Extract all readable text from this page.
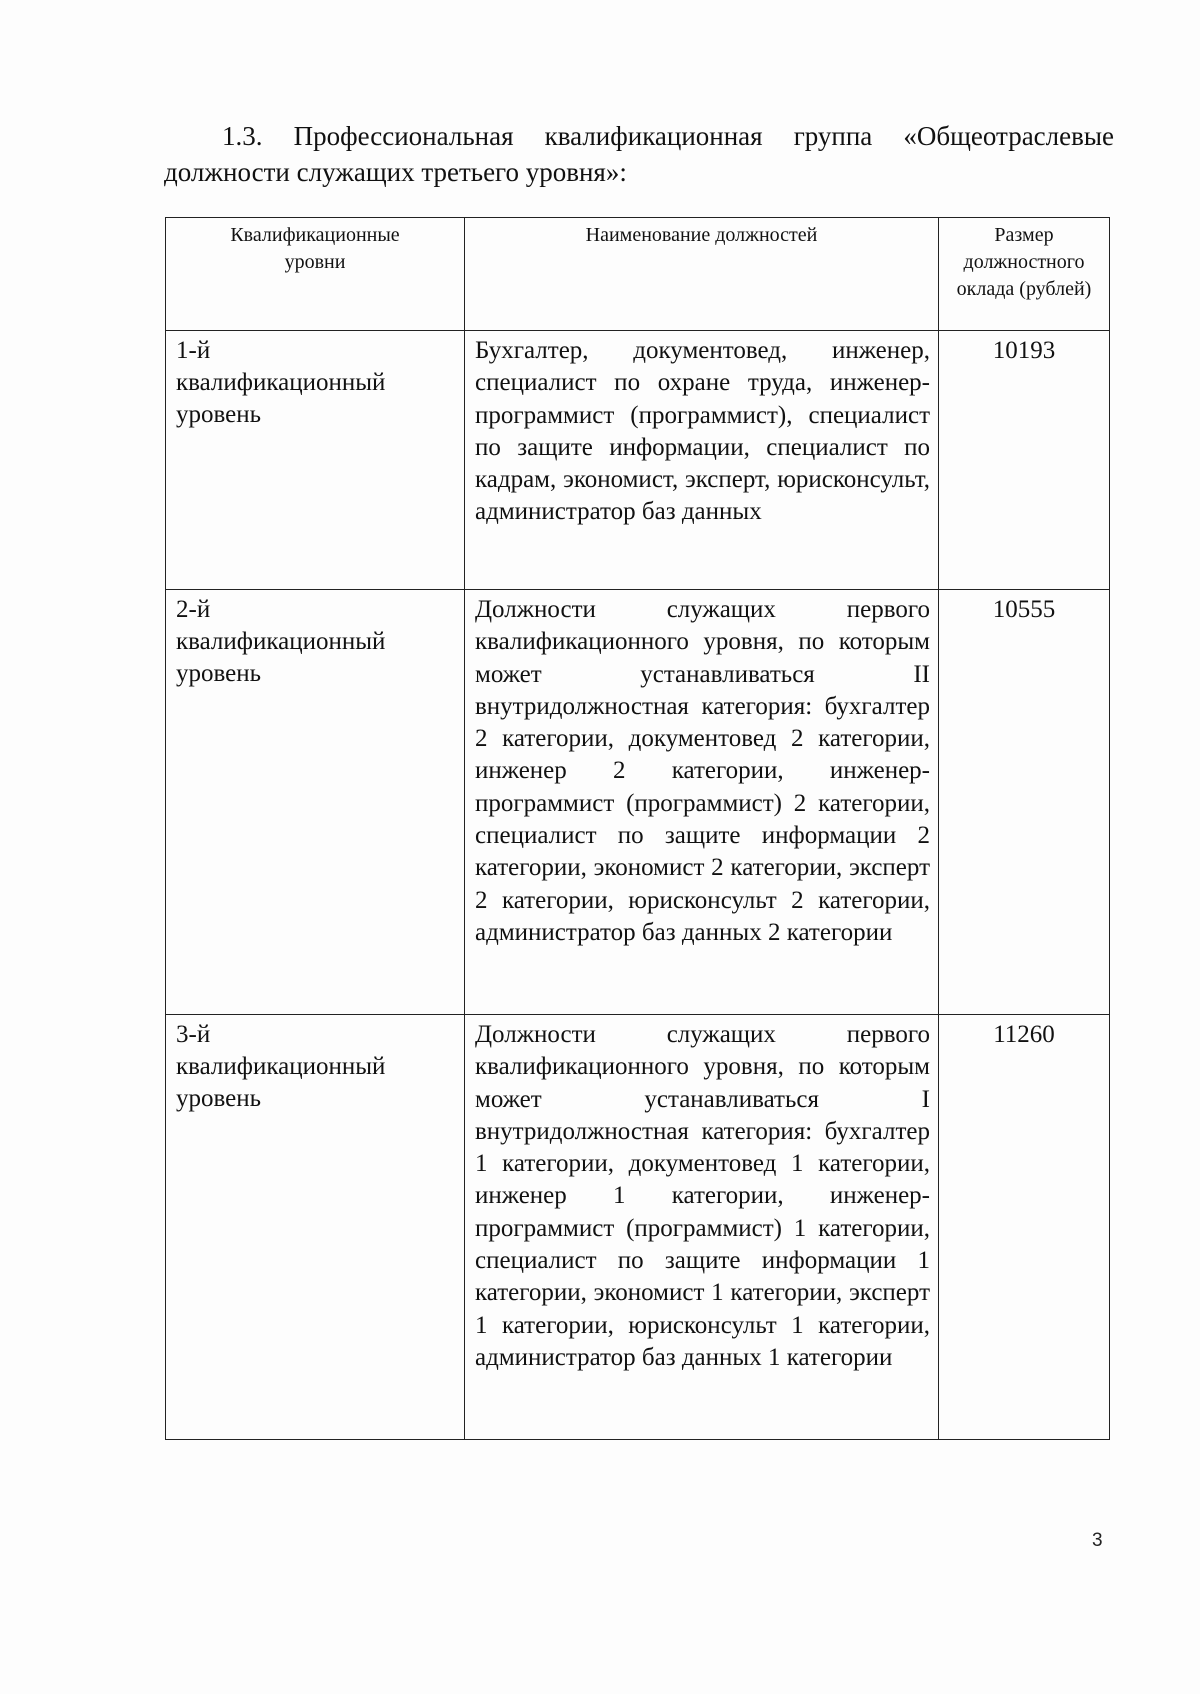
1.3. Профессиональная квалификационная группа «Общеотраслевые должности служащих третьего уровня»:
Квалификационные уровни	Наименование должностей	Размер должностного оклада (рублей)

1-й квалификационный уровень	Бухгалтер, документовед, инженер, специалист по охране труда, инженер-программист (программист), специалист по защите информации, специалист по кадрам, экономист, эксперт, юрисконсульт, администратор баз данных	10193

2-й квалификационный уровень	Должности служащих первого квалификационного уровня, по которым может устанавливаться II внутридолжностная категория: бухгалтер 2 категории, документовед 2 категории, инженер 2 категории, инженер-программист (программист) 2 категории, специалист по защите информации 2 категории, экономист 2 категории, эксперт 2 категории, юрисконсульт 2 категории, администратор баз данных 2 категории	10555

3-й квалификационный уровень	Должности служащих первого квалификационного уровня, по которым может устанавливаться I внутридолжностная категория: бухгалтер 1 категории, документовед 1 категории, инженер 1 категории, инженер-программист (программист) 1 категории, специалист по защите информации 1 категории, экономист 1 категории, эксперт 1 категории, юрисконсульт 1 категории, администратор баз данных 1 категории	11260
3
